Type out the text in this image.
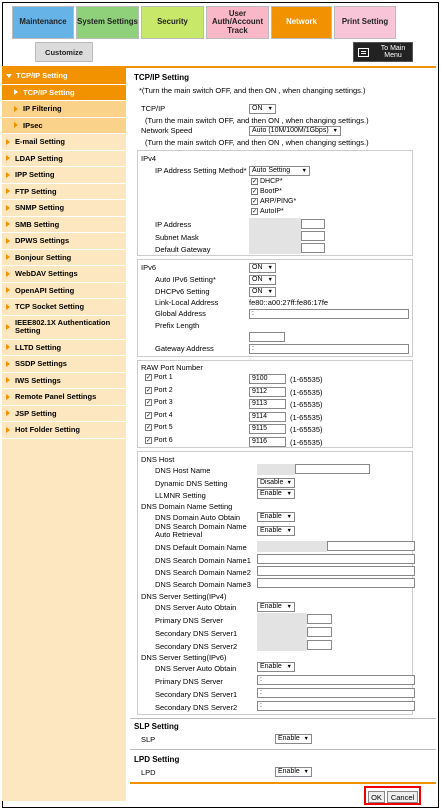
Maintenance	System Settings	Security
User Auth/Account Track
Network	Print Setting
Customize	To Main Menu
TCP/IP Setting
TCP/IP Setting
IP Filtering
IPsec
E-mail Setting
LDAP Setting
IPP Setting
FTP Setting
SNMP Setting
SMB Setting
DPWS Settings
Bonjour Setting
WebDAV Settings
OpenAPI Setting
TCP Socket Setting
IEEE802.1X Authentication Setting
LLTD Setting
SSDP Settings
IWS Settings
Remote Panel Settings
JSP Setting
Hot Folder Setting
TCP/IP Setting
*(Turn the main switch OFF, and then ON , when changing settings.)
TCP/IP	ON ▼
(Turn the main switch OFF, and then ON , when changing settings.)
Network Speed	Auto (10M/100M/1Gbps) ▼
(Turn the main switch OFF, and then ON , when changing settings.)
IPv4
IP Address Setting Method* Auto Setting ▼
✓ DHCP*
✓ BootP*
✓ ARP/PING*
✓ AutoIP*
IP Address
Subnet Mask
Default Gateway
IPv6	ON ▼
Auto IPv6 Setting*	ON ▼
DHCPv6 Setting	ON ▼
Link-Local Address	fe80::a00:27ff:fe86:17fe
Global Address	:
Prefix Length
Gateway Address	:
RAW Port Number
✓ Port 1	9100	(1-65535)
✓ Port 2	9112	(1-65535)
✓ Port 3	9113	(1-65535)
✓ Port 4	9114	(1-65535)
✓ Port 5	9115	(1-65535)
✓ Port 6	9116	(1-65535)
DNS Host
DNS Host Name
Dynamic DNS Setting	Disable ▼
LLMNR Setting	Enable ▼
DNS Domain Name Setting
DNS Domain Auto Obtain	Enable ▼
DNS Search Domain Name Auto Retrieval	Enable ▼
DNS Default Domain Name
DNS Search Domain Name1
DNS Search Domain Name2
DNS Search Domain Name3
DNS Server Setting(IPv4)
DNS Server Auto Obtain	Enable ▼
Primary DNS Server
Secondary DNS Server1
Secondary DNS Server2
DNS Server Setting(IPv6)
DNS Server Auto Obtain	Enable ▼
Primary DNS Server	:
Secondary DNS Server1	:
Secondary DNS Server2	:
SLP Setting
SLP	Enable ▼
LPD Setting
LPD	Enable ▼
OK	Cancel
